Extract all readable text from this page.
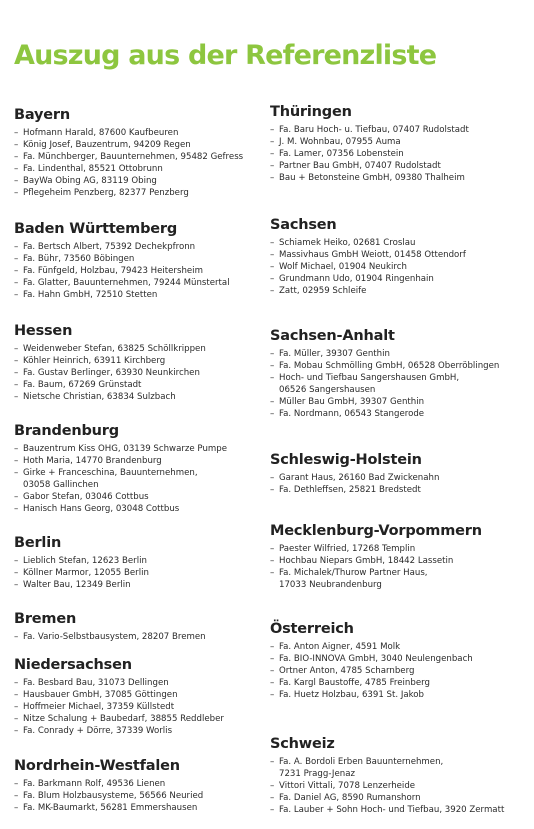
Auszug aus der Referenzliste
Bayern
– Hofmann Harald, 87600 Kaufbeuren
– König Josef, Bauzentrum, 94209 Regen
– Fa. Münchberger, Bauunternehmen, 95482 Gefress
– Fa. Lindenthal, 85521 Ottobrunn
– BayWa Obing AG, 83119 Obing
– Pflegeheim Penzberg, 82377 Penzberg
Baden Württemberg
– Fa. Bertsch Albert, 75392 Dechekpfronn
– Fa. Bühr, 73560 Böbingen
– Fa. Fünfgeld, Holzbau, 79423 Heitersheim
– Fa. Glatter, Bauunternehmen, 79244 Münstertal
– Fa. Hahn GmbH, 72510 Stetten
Hessen
– Weidenweber Stefan, 63825 Schöllkrippen
– Köhler Heinrich, 63911 Kirchberg
– Fa. Gustav Berlinger, 63930 Neunkirchen
– Fa. Baum, 67269 Grünstadt
– Nietsche Christian, 63834 Sulzbach
Brandenburg
– Bauzentrum Kiss OHG, 03139 Schwarze Pumpe
– Hoth Maria, 14770 Brandenburg
– Girke + Franceschina, Bauunternehmen,
03058 Gallinchen
– Gabor Stefan, 03046 Cottbus
– Hanisch Hans Georg, 03048 Cottbus
Berlin
– Lieblich Stefan, 12623 Berlin
– Köllner Marmor, 12055 Berlin
– Walter Bau, 12349 Berlin
Bremen
– Fa. Vario-Selbstbausystem, 28207 Bremen
Niedersachsen
– Fa. Besbard Bau, 31073 Dellingen
– Hausbauer GmbH, 37085 Göttingen
– Hoffmeier Michael, 37359 Küllstedt
– Nitze Schalung + Baubedarf, 38855 Reddleber
– Fa. Conrady + Dörre, 37339 Worlis
Nordrhein-Westfalen
– Fa. Barkmann Rolf, 49536 Lienen
– Fa. Blum Holzbausysteme, 56566 Neuried
– Fa. MK-Baumarkt, 56281 Emmershausen
Thüringen
– Fa. Baru Hoch- u. Tiefbau, 07407 Rudolstadt
– J. M. Wohnbau, 07955 Auma
– Fa. Lamer, 07356 Lobenstein
– Partner Bau GmbH, 07407 Rudolstadt
– Bau + Betonsteine GmbH, 09380 Thalheim
Sachsen
– Schiamek Heiko, 02681 Croslau
– Massivhaus GmbH Weiott, 01458 Ottendorf
– Wolf Michael, 01904 Neukirch
– Grundmann Udo, 01904 Ringenhain
– Zatt, 02959 Schleife
Sachsen-Anhalt
– Fa. Müller, 39307 Genthin
– Fa. Mobau Schmölling GmbH, 06528 Oberröblingen
– Hoch- und Tiefbau Sangershausen GmbH,
06526 Sangershausen
– Müller Bau GmbH, 39307 Genthin
– Fa. Nordmann, 06543 Stangerode
Schleswig-Holstein
– Garant Haus, 26160 Bad Zwickenahn
– Fa. Dethleffsen, 25821 Bredstedt
Mecklenburg-Vorpommern
– Paester Wilfried, 17268 Templin
– Hochbau Niepars GmbH, 18442 Lassetin
– Fa. Michalek/Thurow Partner Haus,
17033 Neubrandenburg
Österreich
– Fa. Anton Aigner, 4591 Molk
– Fa. BIO-INNOVA GmbH, 3040 Neulengenbach
– Ortner Anton, 4785 Scharnberg
– Fa. Kargl Baustoffe, 4785 Freinberg
– Fa. Huetz Holzbau, 6391 St. Jakob
Schweiz
– Fa. A. Bordoli Erben Bauunternehmen,
7231 Pragg-Jenaz
– Vittori Vittali, 7078 Lenzerheide
– Fa. Daniel AG, 8590 Rumanshorn
– Fa. Lauber + Sohn Hoch- und Tiefbau, 3920 Zermatt
